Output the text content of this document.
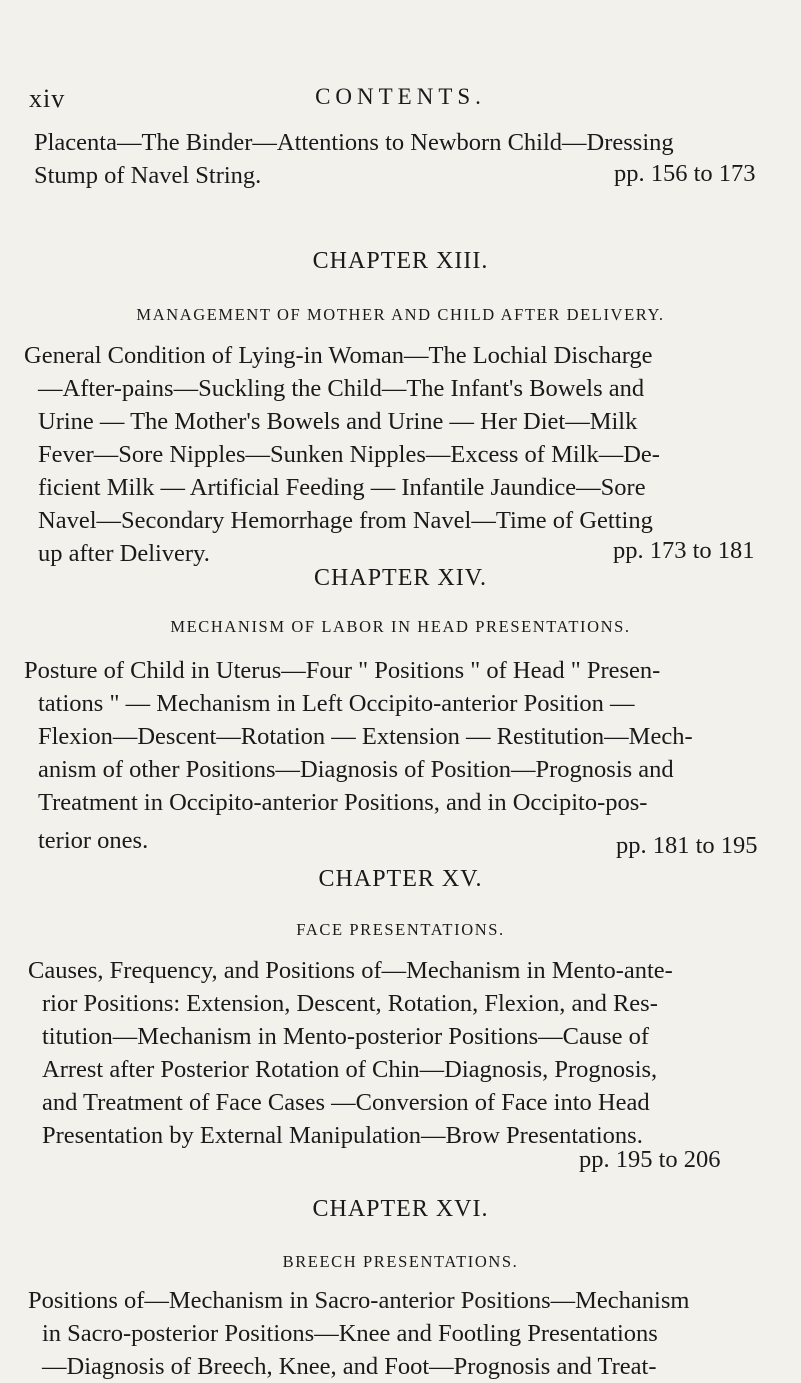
xiv	CONTENTS.
Placenta—The Binder—Attentions to Newborn Child—Dressing
Stump of Navel String.	pp. 156 to 173
CHAPTER XIII.
MANAGEMENT OF MOTHER AND CHILD AFTER DELIVERY.
General Condition of Lying-in Woman—The Lochial Discharge
—After-pains—Suckling the Child—The Infant's Bowels and
Urine — The Mother's Bowels and Urine — Her Diet—Milk
Fever—Sore Nipples—Sunken Nipples—Excess of Milk—De-
ficient Milk — Artificial Feeding — Infantile Jaundice—Sore
Navel—Secondary Hemorrhage from Navel—Time of Getting
up after Delivery.	pp. 173 to 181
CHAPTER XIV.
MECHANISM OF LABOR IN HEAD PRESENTATIONS.
Posture of Child in Uterus—Four " Positions " of Head " Presen-
tations " — Mechanism in Left Occipito-anterior Position —
Flexion—Descent—Rotation — Extension — Restitution—Mech-
anism of other Positions—Diagnosis of Position—Prognosis and
Treatment in Occipito-anterior Positions, and in Occipito-pos-
terior ones.	pp. 181 to 195
CHAPTER XV.
FACE PRESENTATIONS.
Causes, Frequency, and Positions of—Mechanism in Mento-ante-
rior Positions: Extension, Descent, Rotation, Flexion, and Res-
titution—Mechanism in Mento-posterior Positions—Cause of
Arrest after Posterior Rotation of Chin—Diagnosis, Prognosis,
and Treatment of Face Cases —Conversion of Face into Head
Presentation by External Manipulation—Brow Presentations.
pp. 195 to 206
CHAPTER XVI.
BREECH PRESENTATIONS.
Positions of—Mechanism in Sacro-anterior Positions—Mechanism
in Sacro-posterior Positions—Knee and Footling Presentations
—Diagnosis of Breech, Knee, and Foot—Prognosis and Treat-
